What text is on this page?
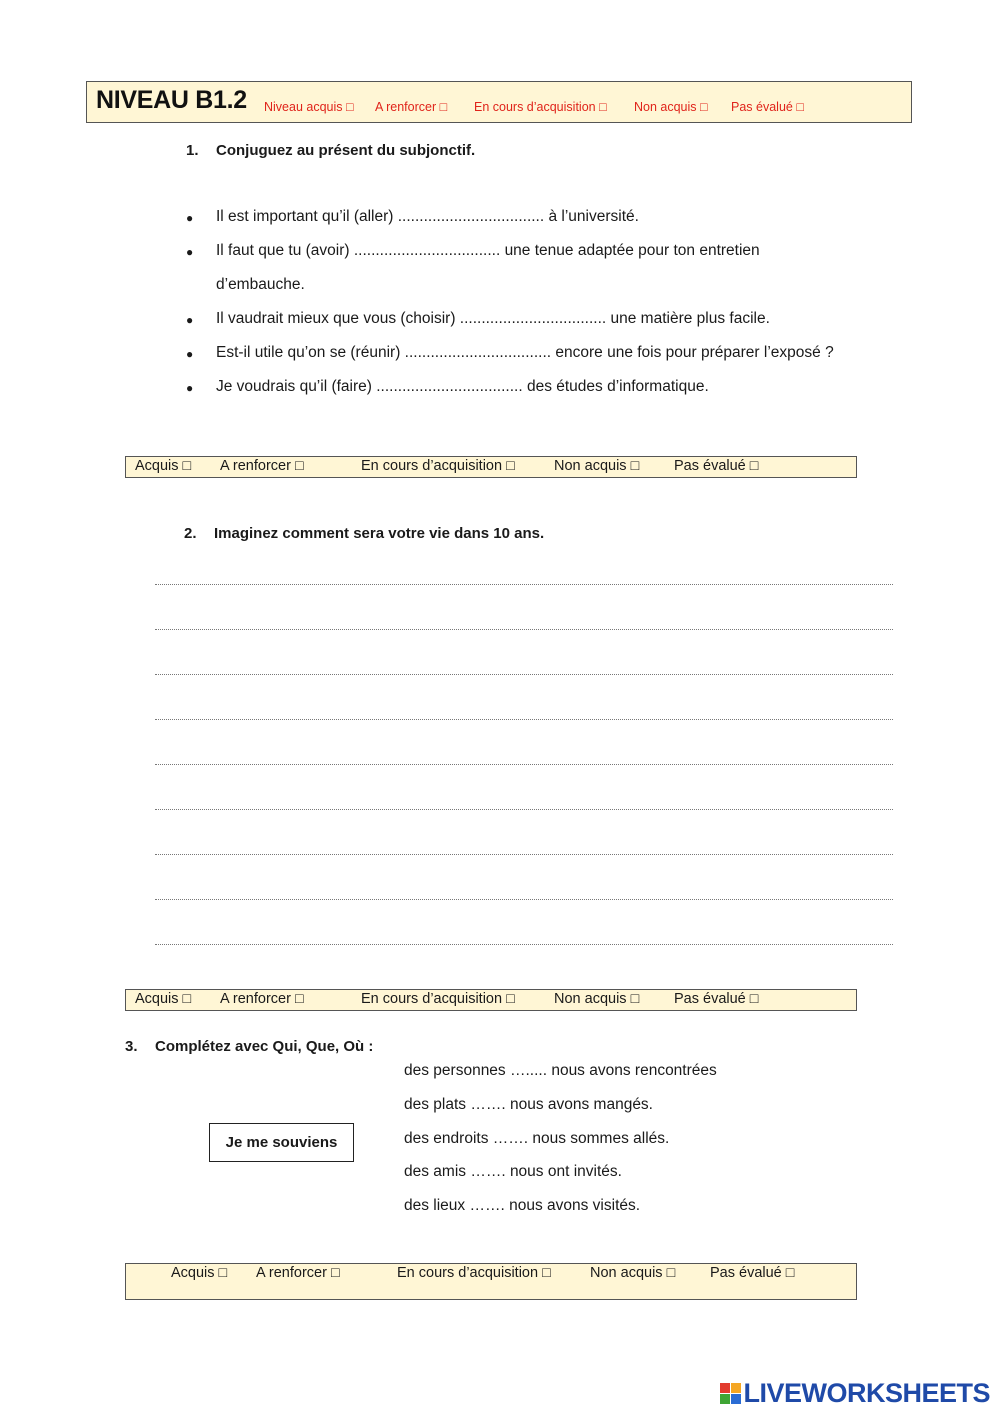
NIVEAU B1.2 Niveau acquis □ A renforcer □ En cours d’acquisition □ Non acquis □ Pas évalué □
1. Conjuguez au présent du subjonctif.
● Il est important qu’il (aller) .................................. à l’université.
● Il faut que tu (avoir) .................................. une tenue adaptée pour ton entretien
d’embauche.
● Il vaudrait mieux que vous (choisir) .................................. une matière plus facile.
● Est-il utile qu’on se (réunir) .................................. encore une fois pour préparer l’exposé ?
● Je voudrais qu’il (faire) .................................. des études d’informatique.
Acquis □ A renforcer □	En cours d’acquisition □	Non acquis □ Pas évalué □
2. Imaginez comment sera votre vie dans 10 ans.
Acquis □ A renforcer □	En cours d’acquisition □	Non acquis □ Pas évalué □
3. Complétez avec Qui, Que, Où :
Je me souviens
des personnes …..... nous avons rencontrées
des plats ……. nous avons mangés.
des endroits ……. nous sommes allés.
des amis ……. nous ont invités.
des lieux ……. nous avons visités.
Acquis □ A renforcer □	En cours d’acquisition □	Non acquis □ Pas évalué □
LIVEWORKSHEETS
